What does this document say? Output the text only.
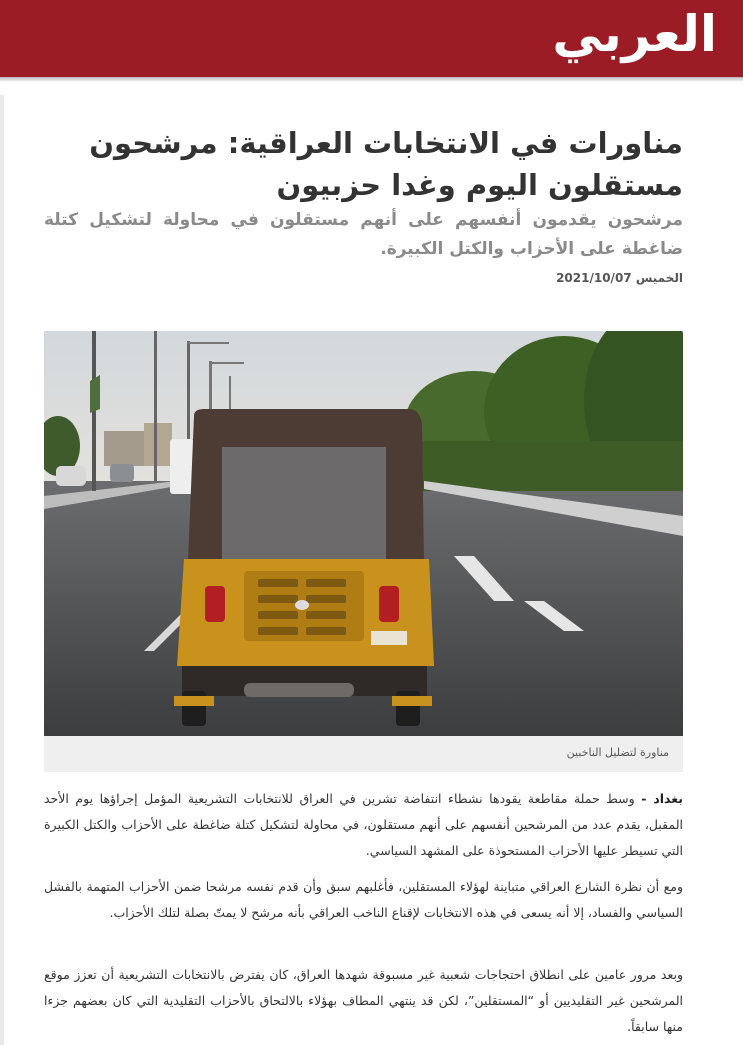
العربي
مناورات في الانتخابات العراقية: مرشحون مستقلون اليوم وغدا حزبيون

مرشحون يقدمون أنفسهم على أنهم مستقلون في محاولة لتشكيل كتلة ضاغطة على الأحزاب والكتل الكبيرة.

الخميس 2021/10/07
مناورة لتضليل الناخبين

بغداد - وسط حملة مقاطعة يقودها نشطاء انتفاضة تشرين في العراق للانتخابات التشريعية المؤمل إجراؤها يوم الأحد المقبل، يقدم عدد من المرشحين أنفسهم على أنهم مستقلون، في محاولة لتشكيل كتلة ضاغطة على الأحزاب والكتل الكبيرة التي تسيطر عليها الأحزاب المستحوذة على المشهد السياسي.

ومع أن نظرة الشارع العراقي متباينة لهؤلاء المستقلين، فأغلبهم سبق وأن قدم نفسه مرشحا ضمن الأحزاب المتهمة بالفشل السياسي والفساد، إلا أنه يسعى في هذه الانتخابات لإقناع الناخب العراقي بأنه مرشح لا يمتّ بصلة لتلك الأحزاب.

وبعد مرور عامين على انطلاق احتجاجات شعبية غير مسبوقة شهدها العراق، كان يفترض بالانتخابات التشريعية أن تعزز موقع المرشحين غير التقليديين أو “المستقلين”، لكن قد ينتهي المطاف بهؤلاء بالالتحاق بالأحزاب التقليدية التي كان بعضهم جزءا منها سابقاً.
